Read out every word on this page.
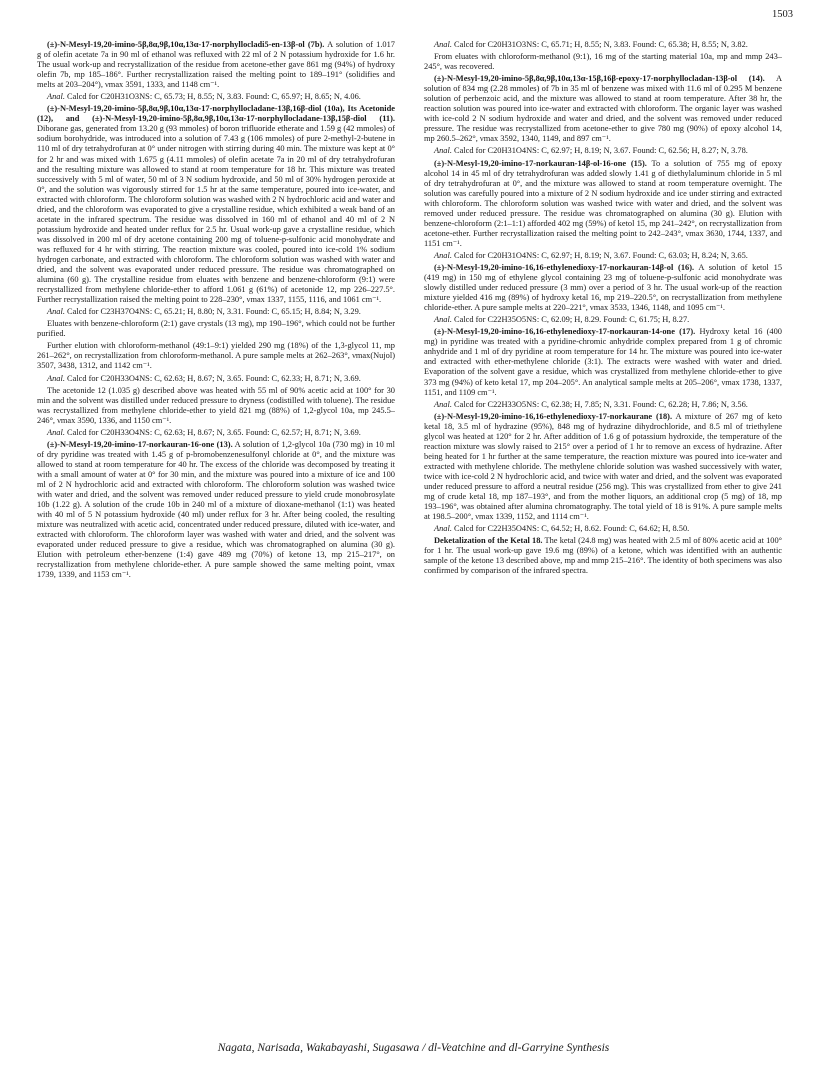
1503

(±)-N-Mesyl-19,20-imino-5β,8α,9β,10α,13α-17-norphyllocladi5-en-13β-ol (7b). A solution of 1.017 g of olefin acetate 7a in 90 ml of ethanol was refluxed with 22 ml of 2 N potassium hydroxide for 1.6 hr. The usual work-up and recrystallization of the residue from acetone-ether gave 861 mg (94%) of hydroxy olefin 7b, mp 185–186°. Further recrystallization raised the melting point to 189–191° (solidifies and melts at 203–204°), νmax 3591, 1333, and 1148 cm⁻¹.

Anal. Calcd for C20H31O3NS: C, 65.73; H, 8.55; N, 3.83. Found: C, 65.97; H, 8.65; N, 4.06.

(±)-N-Mesyl-19,20-imino-5β,8α,9β,10α,13α-17-norphyllocladane-13β,16β-diol (10a), Its Acetonide (12), and (±)-N-Mesyl-19,20-imino-5β,8α,9β,10α,13α-17-norphyllocladane-13β,15β-diol (11). Diborane gas, generated from 13.20 g (93 mmoles) of boron trifluoride etherate and 1.59 g (42 mmoles) of sodium borohydride, was introduced into a solution of 7.43 g (106 mmoles) of pure 2-methyl-2-butene in 110 ml of dry tetrahydrofuran at 0° under nitrogen with stirring during 40 min. The mixture was kept at 0° for 2 hr and was mixed with 1.675 g (4.11 mmoles) of olefin acetate 7a in 20 ml of dry tetrahydrofuran and the resulting mixture was allowed to stand at room temperature for 18 hr. This mixture was treated successively with 5 ml of water, 50 ml of 3 N sodium hydroxide, and 50 ml of 30% hydrogen peroxide at 0°, and the solution was vigorously stirred for 1.5 hr at the same temperature, poured into ice-water, and extracted with chloroform. The chloroform solution was washed with 2 N hydrochloric acid and water and dried, and the chloroform was evaporated to give a crystalline residue, which exhibited a weak band of an acetate in the infrared spectrum. The residue was dissolved in 160 ml of ethanol and 40 ml of 2 N potassium hydroxide and heated under reflux for 2.5 hr. Usual work-up gave a crystalline residue, which was dissolved in 200 ml of dry acetone containing 200 mg of toluene-p-sulfonic acid monohydrate and was refluxed for 4 hr with stirring. The reaction mixture was cooled, poured into ice-cold 1% sodium hydrogen carbonate, and extracted with chloroform. The chloroform solution was washed with water and dried, and the solvent was evaporated under reduced pressure. The residue was chromatographed on alumina (60 g). The crystalline residue from eluates with benzene and benzene-chloroform (9:1) were recrystallized from methylene chloride-ether to afford 1.061 g (61%) of acetonide 12, mp 226–227.5°. Further recrystallization raised the melting point to 228–230°, νmax 1337, 1155, 1116, and 1061 cm⁻¹.

Anal. Calcd for C23H37O4NS: C, 65.21; H, 8.80; N, 3.31. Found: C, 65.15; H, 8.84; N, 3.29.

Eluates with benzene-chloroform (2:1) gave crystals (13 mg), mp 190–196°, which could not be further purified.

Further elution with chloroform-methanol (49:1–9:1) yielded 290 mg (18%) of the 1,3-glycol 11, mp 261–262°, on recrystallization from chloroform-methanol. A pure sample melts at 262–263°, νmax(Nujol) 3507, 3438, 1312, and 1142 cm⁻¹.

Anal. Calcd for C20H33O4NS: C, 62.63; H, 8.67; N, 3.65. Found: C, 62.33; H, 8.71; N, 3.69.

The acetonide 12 (1.035 g) described above was heated with 55 ml of 90% acetic acid at 100° for 30 min and the solvent was distilled under reduced pressure to dryness (codistilled with toluene). The residue was recrystallized from methylene chloride-ether to yield 821 mg (88%) of 1,2-glycol 10a, mp 245.5–246°, νmax 3590, 1336, and 1150 cm⁻¹.

Anal. Calcd for C20H33O4NS: C, 62.63; H, 8.67; N, 3.65. Found: C, 62.57; H, 8.71; N, 3.69.

(±)-N-Mesyl-19,20-imino-17-norkauran-16-one (13). A solution of 1,2-glycol 10a (730 mg) in 10 ml of dry pyridine was treated with 1.45 g of p-bromobenzenesulfonyl chloride at 0°, and the mixture was allowed to stand at room temperature for 40 hr. The excess of the chloride was decomposed by treating it with a small amount of water at 0° for 30 min, and the mixture was poured into a mixture of ice and 100 ml of 2 N hydrochloric acid and extracted with chloroform. The chloroform solution was washed twice with water and dried, and the solvent was removed under reduced pressure to yield crude monobrosylate 10b (1.22 g). A solution of the crude 10b in 240 ml of a mixture of dioxane-methanol (1:1) was heated with 40 ml of 5 N potassium hydroxide (40 ml) under reflux for 3 hr. After being cooled, the resulting mixture was neutralized with acetic acid, concentrated under reduced pressure, diluted with ice-water, and extracted with chloroform. The chloroform layer was washed with water and dried, and the solvent was evaporated under reduced pressure to give a residue, which was chromatographed on alumina (30 g). Elution with petroleum ether-benzene (1:4) gave 489 mg (70%) of ketone 13, mp 215–217°, on recrystallization from methylene chloride-ether. A pure sample showed the same melting point, νmax 1739, 1339, and 1153 cm⁻¹.

Anal. Calcd for C20H31O3NS: C, 65.71; H, 8.55; N, 3.83. Found: C, 65.38; H, 8.55; N, 3.82.

From eluates with chloroform-methanol (9:1), 16 mg of the starting material 10a, mp and mmp 243–245°, was recovered.

(±)-N-Mesyl-19,20-imino-5β,8α,9β,10α,13α-15β,16β-epoxy-17-norphyllocladan-13β-ol (14). A solution of 834 mg (2.28 mmoles) of 7b in 35 ml of benzene was mixed with 11.6 ml of 0.295 M benzene solution of perbenzoic acid, and the mixture was allowed to stand at room temperature. After 38 hr, the reaction solution was poured into ice-water and extracted with chloroform. The organic layer was washed with ice-cold 2 N sodium hydroxide and water and dried, and the solvent was removed under reduced pressure. The residue was recrystallized from acetone-ether to give 780 mg (90%) of epoxy alcohol 14, mp 260.5–262°, νmax 3592, 1340, 1149, and 897 cm⁻¹.

Anal. Calcd for C20H31O4NS: C, 62.97; H, 8.19; N, 3.67. Found: C, 62.56; H, 8.27; N, 3.78.

(±)-N-Mesyl-19,20-imino-17-norkauran-14β-ol-16-one (15). To a solution of 755 mg of epoxy alcohol 14 in 45 ml of dry tetrahydrofuran was added slowly 1.41 g of diethylaluminum chloride in 5 ml of dry tetrahydrofuran at 0°, and the mixture was allowed to stand at room temperature overnight. The solution was carefully poured into a mixture of 2 N sodium hydroxide and ice under stirring and extracted with chloroform. The chloroform solution was washed twice with water and dried, and the solvent was removed under reduced pressure. The residue was chromatographed on alumina (30 g). Elution with benzene-chloroform (2:1–1:1) afforded 402 mg (59%) of ketol 15, mp 241–242°, on recrystallization from acetone-ether. Further recrystallization raised the melting point to 242–243°, νmax 3630, 1744, 1337, and 1151 cm⁻¹.

Anal. Calcd for C20H31O4NS: C, 62.97; H, 8.19; N, 3.67. Found: C, 63.03; H, 8.24; N, 3.65.

(±)-N-Mesyl-19,20-imino-16,16-ethylenedioxy-17-norkauran-14β-ol (16). A solution of ketol 15 (419 mg) in 150 mg of ethylene glycol containing 23 mg of toluene-p-sulfonic acid monohydrate was slowly distilled under reduced pressure (3 mm) over a period of 3 hr. The usual work-up of the reaction mixture yielded 416 mg (89%) of hydroxy ketal 16, mp 219–220.5°, on recrystallization from methylene chloride-ether. A pure sample melts at 220–221°, νmax 3533, 1346, 1148, and 1095 cm⁻¹.

Anal. Calcd for C22H35O5NS: C, 62.09; H, 8.29. Found: C, 61.75; H, 8.27.

(±)-N-Mesyl-19,20-imino-16,16-ethylenedioxy-17-norkauran-14-one (17). Hydroxy ketal 16 (400 mg) in pyridine was treated with a pyridine-chromic anhydride complex prepared from 1 g of chromic anhydride and 1 ml of dry pyridine at room temperature for 14 hr. The mixture was poured into ice-water and extracted with ether-methylene chloride (3:1). The extracts were washed with water and dried. Evaporation of the solvent gave a residue, which was crystallized from methylene chloride-ether to give 373 mg (94%) of keto ketal 17, mp 204–205°. An analytical sample melts at 205–206°, νmax 1738, 1337, 1151, and 1109 cm⁻¹.

Anal. Calcd for C22H33O5NS: C, 62.38; H, 7.85; N, 3.31. Found: C, 62.28; H, 7.86; N, 3.56.

(±)-N-Mesyl-19,20-imino-16,16-ethylenedioxy-17-norkaurane (18). A mixture of 267 mg of keto ketal 18, 3.5 ml of hydrazine (95%), 848 mg of hydrazine dihydrochloride, and 8.5 ml of triethylene glycol was heated at 120° for 2 hr. After addition of 1.6 g of potassium hydroxide, the temperature of the reaction mixture was slowly raised to 215° over a period of 1 hr to remove an excess of hydrazine. After being heated for 1 hr further at the same temperature, the reaction mixture was poured into ice-water and extracted with methylene chloride. The methylene chloride solution was washed successively with water, twice with ice-cold 2 N hydrochloric acid, and twice with water and dried, and the solvent was evaporated under reduced pressure to afford a neutral residue (256 mg). This was crystallized from ether to give 241 mg of crude ketal 18, mp 187–193°, and from the mother liquors, an additional crop (5 mg) of 18, mp 193–196°, was obtained after alumina chromatography. The total yield of 18 is 91%. A pure sample melts at 198.5–200°, νmax 1339, 1152, and 1114 cm⁻¹.

Anal. Calcd for C22H35O4NS: C, 64.52; H, 8.62. Found: C, 64.62; H, 8.50.

Deketalization of the Ketal 18. The ketal (24.8 mg) was heated with 2.5 ml of 80% acetic acid at 100° for 1 hr. The usual work-up gave 19.6 mg (89%) of a ketone, which was identified with an authentic sample of the ketone 13 described above, mp and mmp 215–216°. The identity of both specimens was also confirmed by comparison of the infrared spectra.

Nagata, Narisada, Wakabayashi, Sugasawa / dl-Veatchine and dl-Garryine Synthesis
